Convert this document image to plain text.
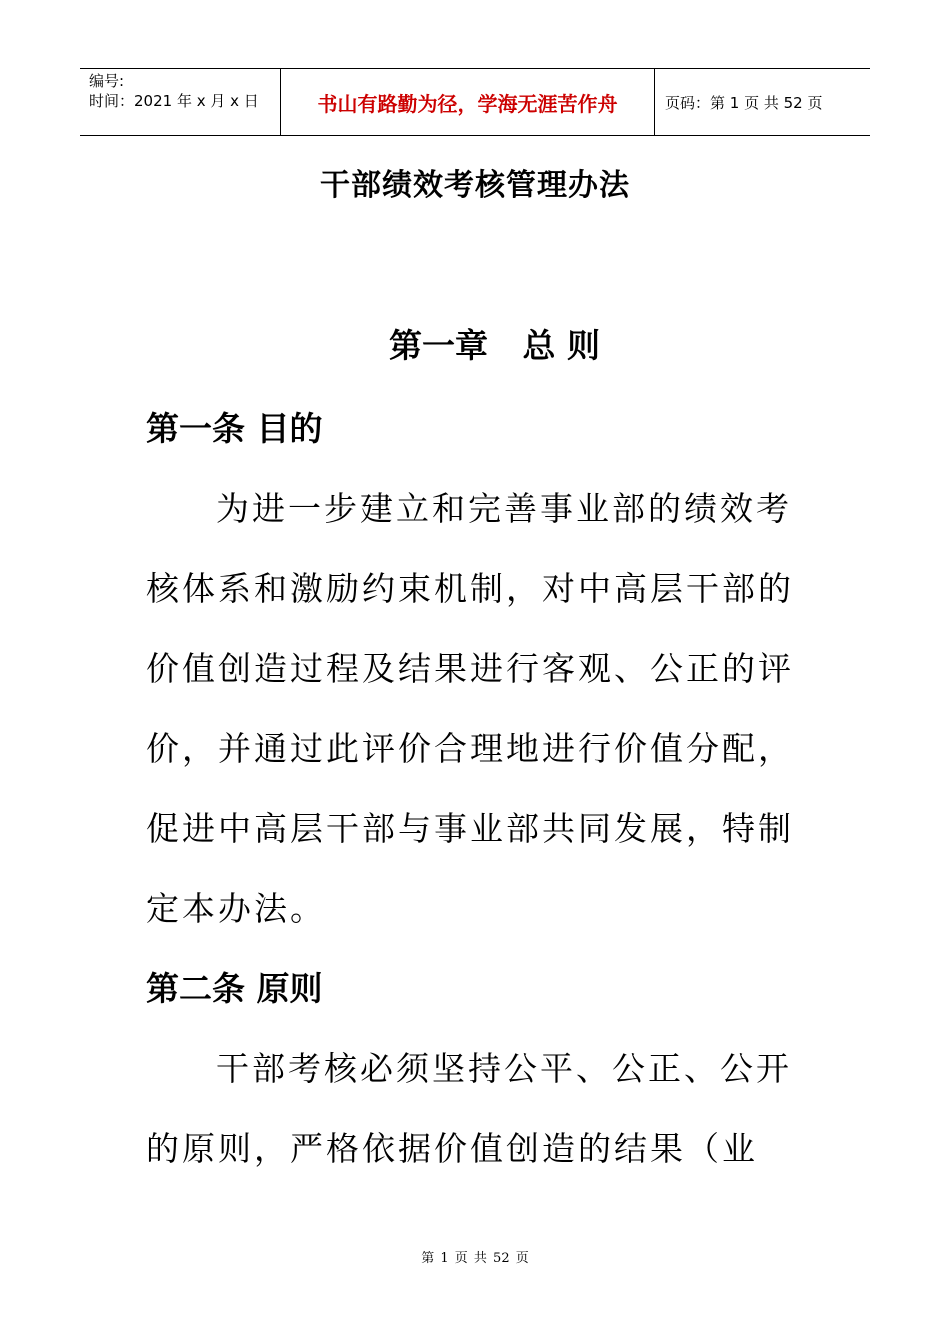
编号:
时间：2021 年 x 月 x 日	书山有路勤为径，学海无涯苦作舟	页码：第 1 页 共 52 页
干部绩效考核管理办法
第一章   总 则
第一条 目的
为进一步建立和完善事业部的绩效考
核体系和激励约束机制，对中高层干部的
价值创造过程及结果进行客观、公正的评
价，并通过此评价合理地进行价值分配，
促进中高层干部与事业部共同发展，特制
定本办法。
第二条 原则
干部考核必须坚持公平、公正、公开
的原则，严格依据价值创造的结果（业
第 1 页 共 52 页
